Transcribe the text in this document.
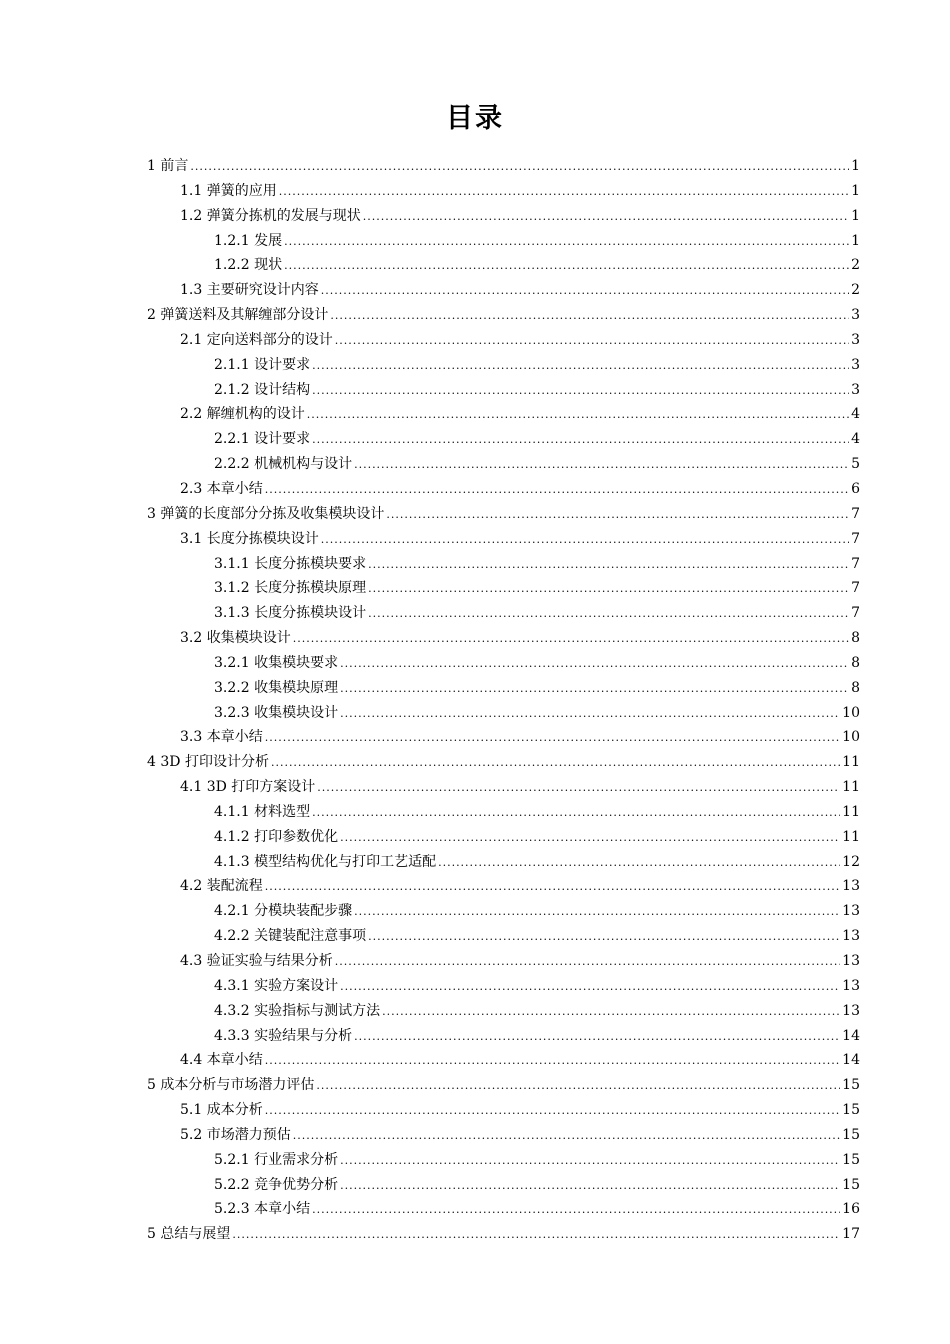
目录
1 前言 .....	1
1.1 弹簧的应用 .....	1
1.2 弹簧分拣机的发展与现状 .....	1
1.2.1 发展 .....	1
1.2.2 现状 .....	2
1.3 主要研究设计内容 .....	2
2 弹簧送料及其解缠部分设计 .....	3
2.1 定向送料部分的设计 .....	3
2.1.1 设计要求 .....	3
2.1.2 设计结构 .....	3
2.2 解缠机构的设计 .....	4
2.2.1 设计要求 .....	4
2.2.2 机械机构与设计 .....	5
2.3 本章小结 .....	6
3 弹簧的长度部分分拣及收集模块设计 .....	7
3.1 长度分拣模块设计 .....	7
3.1.1 长度分拣模块要求 .....	7
3.1.2 长度分拣模块原理 .....	7
3.1.3 长度分拣模块设计 .....	7
3.2 收集模块设计 .....	8
3.2.1 收集模块要求 .....	8
3.2.2 收集模块原理 .....	8
3.2.3 收集模块设计 .....	10
3.3 本章小结 .....	10
4 3D 打印设计分析 .....	11
4.1 3D 打印方案设计 .....	11
4.1.1 材料选型 .....	11
4.1.2 打印参数优化 .....	11
4.1.3 模型结构优化与打印工艺适配 .....	12
4.2 装配流程 .....	13
4.2.1 分模块装配步骤 .....	13
4.2.2 关键装配注意事项 .....	13
4.3 验证实验与结果分析 .....	13
4.3.1 实验方案设计 .....	13
4.3.2 实验指标与测试方法 .....	13
4.3.3 实验结果与分析 .....	14
4.4 本章小结 .....	14
5 成本分析与市场潜力评估 .....	15
5.1 成本分析 .....	15
5.2 市场潜力预估 .....	15
5.2.1 行业需求分析 .....	15
5.2.2 竞争优势分析 .....	15
5.2.3 本章小结 .....	16
5 总结与展望 .....	17
